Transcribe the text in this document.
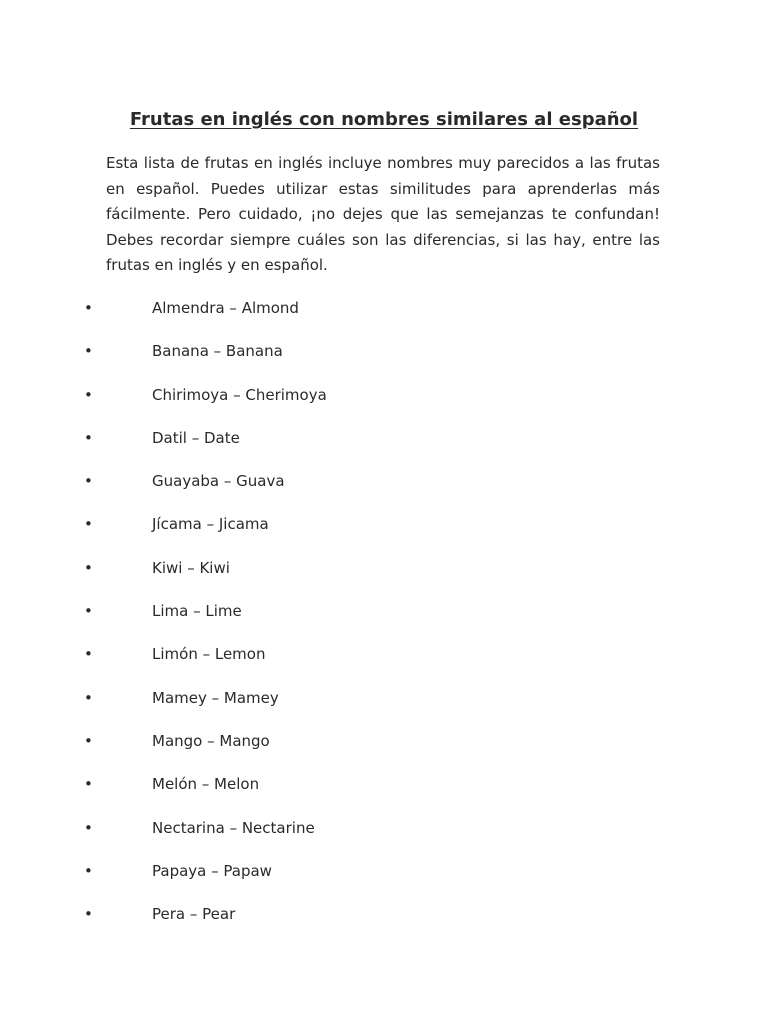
Frutas en inglés con nombres similares al español

Esta lista de frutas en inglés incluye nombres muy parecidos a las frutas en español. Puedes utilizar estas similitudes para aprenderlas más fácilmente. Pero cuidado, ¡no dejes que las semejanzas te confundan! Debes recordar siempre cuáles son las diferencias, si las hay, entre las frutas en inglés y en español.

•	Almendra – Almond
•	Banana – Banana
•	Chirimoya – Cherimoya
•	Datil – Date
•	Guayaba – Guava
•	Jícama – Jicama
•	Kiwi – Kiwi
•	Lima – Lime
•	Limón – Lemon
•	Mamey – Mamey
•	Mango – Mango
•	Melón – Melon
•	Nectarina – Nectarine
•	Papaya – Papaw
•	Pera – Pear
